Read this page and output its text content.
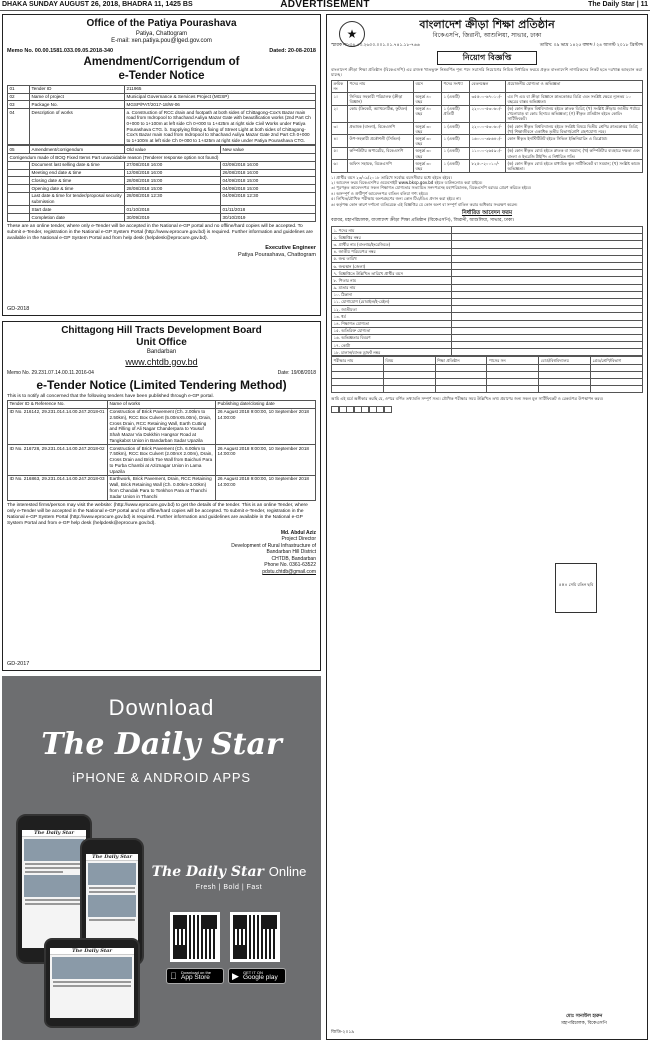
DHAKA SUNDAY AUGUST 26, 2018, BHADRA 11, 1425 BS	ADVERTISEMENT	The Daily Star | 11
Office of the Patiya Pourashava
Patiya, Chattogram
E-mail: xen.patiya.pou@lged.gov.com
Memo No. 00.00.1581.033.09.05.2018-340	Dated: 20-08-2018
Amendment/Corrigendum of
e-Tender Notice
01	Tender ID	211965
02	Name of project	Municipal Governance & Services Project (MGSP)
03	Package No.	MGSP/PAT/2017-18/W-06
04	Description of works	a. Construction of RCC drain and footpath at both sides of Chittagong-Cox's Bazar main road from Indropool to Shachand Auliya Mazar Gate with beautification works (2nd Part Ch 0+000 to 1+100m at left side Ch 0+000 to 1+425m at right side Civil Works under Patiya Pourashava CTG. b. Supplying fitting & fixing of Street Light at both sides of Chittagong-Cox's Bazar main road from Indropool to Shachand Auliya Mazar Gate 2nd Part Ch 0+000 to 1+100m at left side Ch 0+000 to 1+425m at right side under Patiya Pourashava CTG.
05	Amendment/corrigendum	Old value	New value
Corrigendum made of BOQ Fixed Items Part unavoidable reason (Tenderer response option not found)			
	Document last selling date & time	27/08/2018 16:00	03/09/2018 16:00
	Meeting end date & time	12/08/2018 16:00	26/08/2018 16:00
	Closing date & time	28/08/2018 15:00	04/09/2018 15:00
	Opening date & time	28/08/2018 15:00	04/09/2018 15:00
	Last date & time for tender/proposal security submission	28/08/2018 12:30	04/09/2018 12:30
	Start date	01/10/2018	01/11/2018
	Completion date	30/09/2019	30/10/2019
These are an online tender, where only e-Tender will be accepted in the National e-GP portal and no offline/hard copies will be accepted. To submit e-Tender, registration in the National e-GP System Portal (http://www.eprocure.gov.bd) is required. Further information and guidelines are available in the National e-GP System Portal and from help desk (helpdesk@eprocure.gov.bd).
Executive Engineer
Patiya Pourashava, Chattogram
GD-2018
Chittagong Hill Tracts Development Board
Unit Office
Bandarban
www.chtdb.gov.bd
Memo No. 29.231.07.14.00.11.2016-04	Date: 19/08/2018
e-Tender Notice (Limited Tendering Method)
This is to notify all concerned that the following tenders have been published through e-GP portal.
Tender ID & Reference No.	Name of works	Publishing date/closing date
ID No. 216142, 29.231.014.14.00.247.2018-01	Construction of Brick Pavement (Ch. 2.00km to 2.50km), RCC Box Culvert (5.00mX5.00m), Drain, Cross Drain, RCC Retaining Wall, Earth Cutting and Filling of Ali Nagar Chanderpara to Yousuf Shah Mazar Via Dokkhin Hangsor Road at Tangkabot Union in Bandarban Sadar Upazila	26 August 2018 9:00:00, 10 September 2018 14:00:00
ID No. 216728, 29.231.014.14.00.247.2018-02	Construction of Brick Pavement (Ch. 6.00km to 7.50km), RCC Box Culvert (2.00mX 2.00m), Drain, Cross Drain and Brick Toe Wall from Baichuri Para to Purba Chambi at Aziznagar Union in Lama Upazila	26 August 2018 9:00:00, 10 September 2018 14:00:00
ID No. 216863, 29.231.014.14.00.247.2018-03	Earthwork, Brick Pavement, Drain, RCC Retaining Wall, Brick Retaining Wall (Ch. 0.00km-3.00km) from Chandak Para to Tonkhon Para at Thanchi Sadar Union in Thanchi	26 August 2018 9:00:00, 10 September 2018 14:00:00
The interested firms/person may visit the website: (http://www.eprocure.gov.bd) to get the details of the tender. This is an online Tender, where only e-Tender will be accepted in the National e-GP portal and no offline/hard copies will be accepted. To submit e-Tender, registration in the National e-GP System Portal (http://www.eprocure.gov.bd) is required. Further information and guidelines are available in the National e-GP System Portal and from e-GP help desk (helpdesk@eprocure.gov.bd).
Md. Abdul Aziz
Project Director
Development of Rural Infrastructure of
Bandarban Hill District
CHTDB, Bandarban
Phone No. 0361-63522
pdstu.chtdb@gmail.com
GD-2017
Download
The Daily Star
iPHONE & ANDROID APPS
The Daily Star
The Daily Star
The Daily Star
The Daily Star Online
Fresh | Bold | Fast
Download on the
App Store	▶ GET IT ON
Google play
★
বাংলাদেশ ক্রীড়া শিক্ষা প্রতিষ্ঠান
বিকেএসপি, জিরানী, আশুলিয়া, সাভার, ঢাকা
স্মারক নং-৩৪.৫৩.২৬০০.০০১.০১.৭৪১.১৮-৭৬৬	তারিখ: ০৯ ভাদ্র ১৪২৫ বঙ্গাব্দ / ২৪ আগস্ট ২০১৮ খ্রিস্টাব্দ
নিয়োগ বিজ্ঞপ্তি
বাংলাদেশ ক্রীড়া শিক্ষা প্রতিষ্ঠান (বিকেএসপি) এর রাজস্ব খাতভুক্ত নিম্নবর্ণিত শূন্য পদে সরাসরি নিয়োগের নিমিত্ত নির্ধারিত ফরমে প্রকৃত বাংলাদেশি নাগরিকদের নিকট হতে দরখাস্ত আহবান করা যাচ্ছে।
ক্রমিক নং	পদের নাম	বয়স	পদের সংখ্যা	বেতনস্কেল	প্রয়োজনীয় যোগ্যতা ও অভিজ্ঞতা
১।	সিনিয়র সহকারী পরিচালক (ক্রীড়া বিজ্ঞান)	অনূর্ধ্ব ৪০ বছর	১ (একটি)	৩৫৫০০-৬৭০১০/-	এম পি এড বা ক্রীড়া বিজ্ঞানে স্নাতকোত্তর ডিগ্রি এবং সংশ্লিষ্ট ক্ষেত্রে ন্যূনতম ১০ বছরের বাস্তব অভিজ্ঞতা।
২।	কোচ (ক্রিকেট, অ্যাথলেটিক্স, ফুটবল)	অনূর্ধ্ব ৪০ বছর	১ (একটি) প্রতিটি	২২০০০-৫৩০৬০/-	(ক) কোন স্বীকৃত বিশ্ববিদ্যালয় হইতে স্নাতক ডিগ্রি; (খ) সংশ্লিষ্ট ক্রীড়ায় জাতীয় পর্যায়ে খেলোয়াড় বা কোচ হিসাবে অভিজ্ঞতা; (গ) স্বীকৃত প্রতিষ্ঠান হইতে কোচিং সার্টিফিকেট।
৩।	প্রভাষক (বাংলা), বিকেএসপি	অনূর্ধ্ব ৩০ বছর	১ (একটি)	২২০০০-৫৩০৬০/-	(ক) কোন স্বীকৃত বিশ্ববিদ্যালয় হইতে সংশ্লিষ্ট বিষয়ে দ্বিতীয় শ্রেণির স্নাতকোত্তর ডিগ্রি; (খ) শিক্ষাজীবনে একাধিক তৃতীয় বিভাগ/শ্রেণি গ্রহণযোগ্য নহে।
৪।	উপ-সহকারী প্রকৌশলী (সিভিল)	অনূর্ধ্ব ৩০ বছর	১ (একটি)	১৬০০০-৩৮৬৪০/-	কোন স্বীকৃত ইনস্টিটিউট হইতে সিভিল ইঞ্জিনিয়ারিং এ ডিপ্লোমা।
৫।	কম্পিউটার অপারেটর, বিকেএসপি	অনূর্ধ্ব ৩০ বছর	১ (একটি)	১১০০০-২৬৫৯০/-	(ক) কোন স্বীকৃত বোর্ড হইতে স্নাতক বা সমমান; (খ) কম্পিউটার ব্যবহারে দক্ষতা এবং বাংলা ও ইংরেজি টাইপিং এ নির্ধারিত গতি।
৬।	অফিস সহায়ক, বিকেএসপি	অনূর্ধ্ব ৩০ বছর	১ (একটি)	৮২৫০-২০০১০/-	(ক) কোন স্বীকৃত বোর্ড হইতে মাধ্যমিক স্কুল সার্টিফিকেট বা সমমান; (খ) সংশ্লিষ্ট কাজে অভিজ্ঞতা।
১। প্রার্থীর বয়স ২৩/০৯/২০১৮ তারিখে সর্বোচ্চ বয়সসীমার মধ্যে হইতে হইবে।
২। আবেদন ফরম বিকেএসপির ওয়েবসাইট www.bksp.gov.bd হইতে ডাউনলোড করা যাইবে।
৩। পূরণকৃত আবেদনপত্র সকল শিক্ষাগত যোগ্যতার সত্যায়িত সনদপত্রসহ মহাপরিচালক, বিকেএসপি বরাবর প্রেরণ করিতে হইবে।
৪। অসম্পূর্ণ ও ত্রুটিপূর্ণ আবেদনপত্র বাতিল বলিয়া গণ্য হইবে।
৫। লিখিত/মৌখিক পরীক্ষায় অংশগ্রহণের জন্য কোন টিএ/ডিএ প্রদান করা হইবে না।
৬। কর্তৃপক্ষ কোন কারণ দর্শানো ব্যতিরেকে এই বিজ্ঞপ্তির যে কোন অংশ বা সম্পূর্ণ বাতিল করার অধিকার সংরক্ষণ করেন।
নির্ধারিত আবেদন ফরম
৫×৪ সেমি রঙিন ছবি
বরাবর, মহাপরিচালক, বাংলাদেশ ক্রীড়া শিক্ষা প্রতিষ্ঠান (বিকেএসপি), জিরানী, আশুলিয়া, সাভার, ঢাকা।
১. পদের নাম	
২. বিজ্ঞপ্তির নম্বর	
৩. প্রার্থীর নাম (বাংলায়/ইংরেজিতে)	
৪. জাতীয় পরিচয়পত্র নম্বর	
৫. জন্ম তারিখ	
৬. জন্মস্থান (জেলা)	
৭. বিজ্ঞপ্তিতে উল্লিখিত তারিখে প্রার্থীর বয়স	
৮. পিতার নাম	
৯. মাতার নাম	
১০. ঠিকানা	
১১. যোগাযোগ (মোবাইল/ই-মেইল)	
১২. জাতীয়তা	
১৩. ধর্ম	
১৪. শিক্ষাগত যোগ্যতা	
১৫. অতিরিক্ত যোগ্যতা	
১৬. অভিজ্ঞতার বিবরণ	
১৭. কোটা	
১৮. চালান/ব্যাংক ড্রাফট নম্বর	
পরীক্ষার নাম	বিষয়	শিক্ষা প্রতিষ্ঠান	পাসের সন	বোর্ড/বিশ্ববিদ্যালয়	গ্রেড/শ্রেণি/বিভাগ

আমি এই মর্মে অঙ্গীকার করছি যে, ওপরে বর্ণিত তথ্যাবলি সম্পূর্ণ সত্য। মৌখিক পরীক্ষার সময় উল্লিখিত তথ্য প্রমাণের জন্য সকল মূল সার্টিফিকেট ও রেকর্ডপত্র উপস্থাপন করব।
মোঃ সানাউল হারুন
মহাপরিচালক, বিকেএসপি
জিডি-২০১৯
